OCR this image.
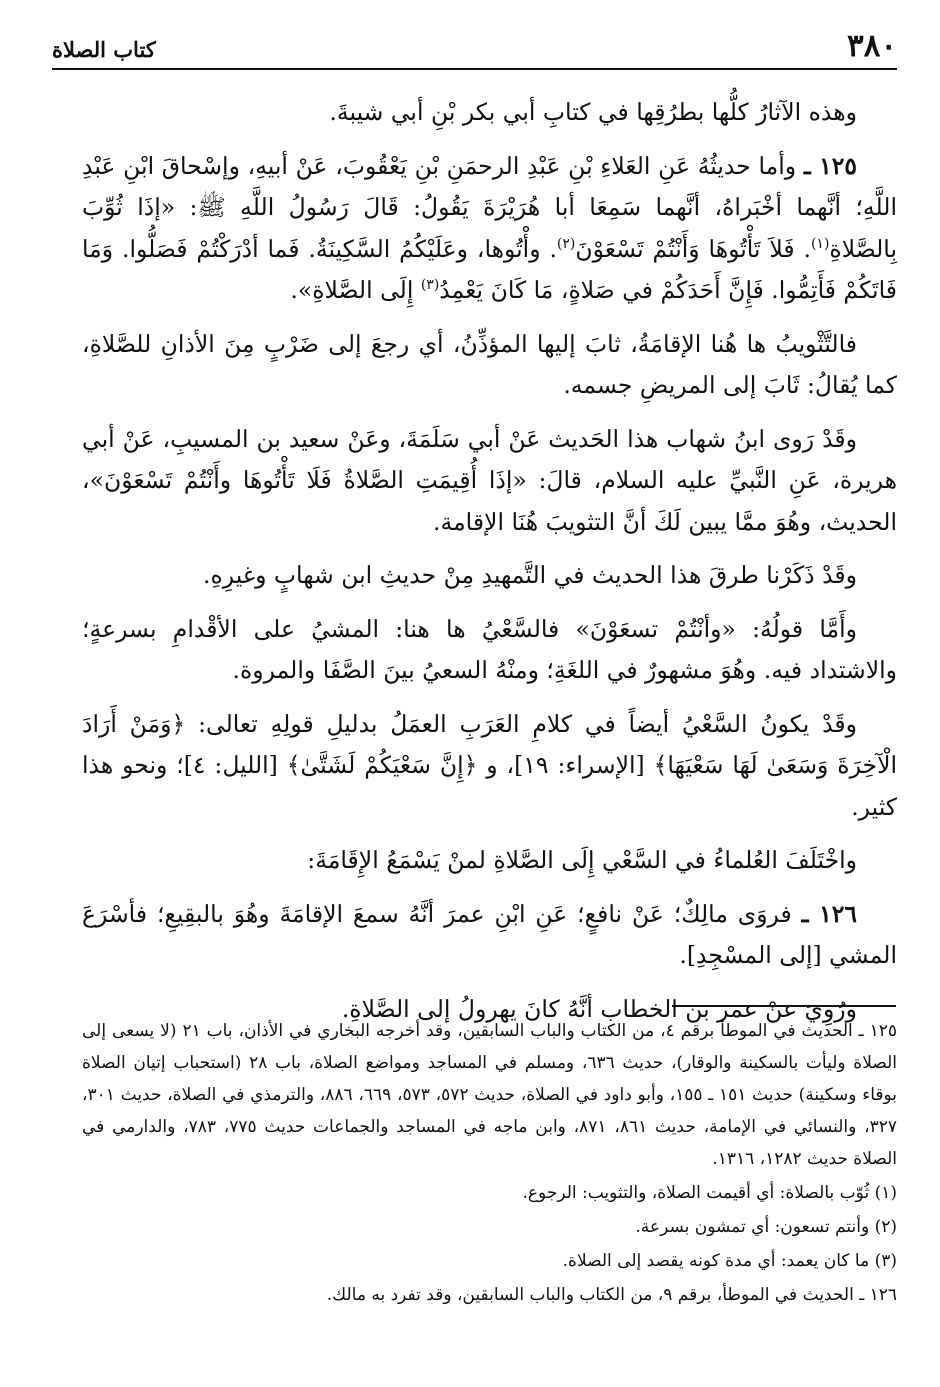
٣٨٠
كتاب الصلاة

وهذه الآثارُ كلُّها بطرُقِها في كتابِ أبي بكر بْنِ أبي شيبةَ.

١٢٥ ـ وأما حديثُهُ عَنِ العَلاءِ بْنِ عَبْدِ الرحمَنِ بْنِ يَعْقُوبَ، عَنْ أبيهِ، وإسْحاقَ ابْنِ عَبْدِ اللَّهِ؛ أنَّهما أخْبَراهُ، أنَّهما سَمِعَا أبا هُرَيْرَةَ يَقُولُ: قَالَ رَسُولُ اللَّهِ ﷺ: «إذَا ثُوِّبَ بِالصَّلاةِ$^{(١)}$. فَلاَ تَأْتُوهَا وَأَنْتُمْ تَسْعَوْنَ$^{(٢)}$. وأْتُوها، وعَلَيْكُمُ السَّكِينَةُ. فَما أدْرَكْتُمْ فَصَلُّوا. وَمَا فَاتَكُمْ فَأَتِمُّوا. فَإِنَّ أَحَدَكُمْ في صَلاةٍ، مَا كَانَ يَعْمِدُ$^{(٣)}$ إِلَى الصَّلاةِ».

فالتَّثْويبُ ها هُنا الإقامَةُ، ثابَ إليها المؤذِّنُ، أي رجعَ إلى ضَرْبٍ مِنَ الأذانِ للصَّلاةِ، كما يُقالُ: ثَابَ إلى المريضِ جسمه.

وقَدْ رَوى ابنُ شهاب هذا الحَديث عَنْ أبي سَلَمَةَ، وعَنْ سعيد بن المسيبِ، عَنْ أبي هريرة، عَنِ النَّبيِّ عليه السلام، قالَ: «إذَا أُقِيمَتِ الصَّلاةُ فَلَا تَأْتُوهَا وأَنْتُمْ تَسْعَوْنَ»، الحديث، وهُوَ ممَّا يبين لَكَ أنَّ التثويبَ هُنَا الإقامة.

وقَدْ ذَكَرْنا طرقَ هذا الحديث في التَّمهيدِ مِنْ حديثِ ابن شهابٍ وغيرِهِ.

وأَمَّا قولُهُ: «وأنْتُمْ تسعَوْنَ» فالسَّعْيُ ها هنا: المشيُ على الأقْدامِ بسرعةٍ؛ والاشتداد فيه. وهُوَ مشهورٌ في اللغَةِ؛ ومنْهُ السعيُ بينَ الصَّفَا والمروة.

وقَدْ يكونُ السَّعْيُ أيضاً في كلامِ العَرَبِ العمَلُ بدليلِ قولِهِ تعالى: ﴿وَمَنْ أَرَادَ الْآخِرَةَ وَسَعَىٰ لَهَا سَعْيَهَا﴾ [الإسراء: ١٩]، و ﴿إِنَّ سَعْيَكُمْ لَشَتَّىٰ﴾ [الليل: ٤]؛ ونحو هذا كثير.

واخْتَلَفَ العُلماءُ في السَّعْي إِلَى الصَّلاةِ لمنْ يَسْمَعُ الإِقَامَةَ:

١٢٦ ـ فروَى مالِكٌ؛ عَنْ نافعٍ؛ عَنِ ابْنِ عمرَ أنَّهُ سمعَ الإقامَةَ وهُوَ بالبقِيعِ؛ فأسْرَعَ المشي [إلى المسْجِدِ].

ورُوِيَ عنْ عمر بن الخطاب أنَّهُ كانَ يهرولُ إلى الصَّلاةِ.

١٢٥ ـ الحديث في الموطأ برقم ٤، من الكتاب والباب السابقين، وقد أخرجه البخاري في الأذان، باب ٢١ (لا يسعى إلى الصلاة وليأت بالسكينة والوقار)، حديث ٦٣٦، ومسلم في المساجد ومواضع الصلاة، باب ٢٨ (استحباب إتيان الصلاة بوقاء وسكينة) حديث ١٥١ ـ ١٥٥، وأبو داود في الصلاة، حديث ٥٧٢، ٥٧٣، ٦٦٩، ٨٨٦، والترمذي في الصلاة، حديث ٣٠١، ٣٢٧، والنسائي في الإمامة، حديث ٨٦١، ٨٧١، وابن ماجه في المساجد والجماعات حديث ٧٧٥، ٧٨٣، والدارمي في الصلاة حديث ١٢٨٢، ١٣١٦.

(١) ثُوّب بالصلاة: أي أقيمت الصلاة، والتثويب: الرجوع.

(٢) وأنتم تسعون: أي تمشون بسرعة.

(٣) ما كان يعمد: أي مدة كونه يقصد إلى الصلاة.

١٢٦ ـ الحديث في الموطأ، برقم ٩، من الكتاب والباب السابقين، وقد تفرد به مالك.
